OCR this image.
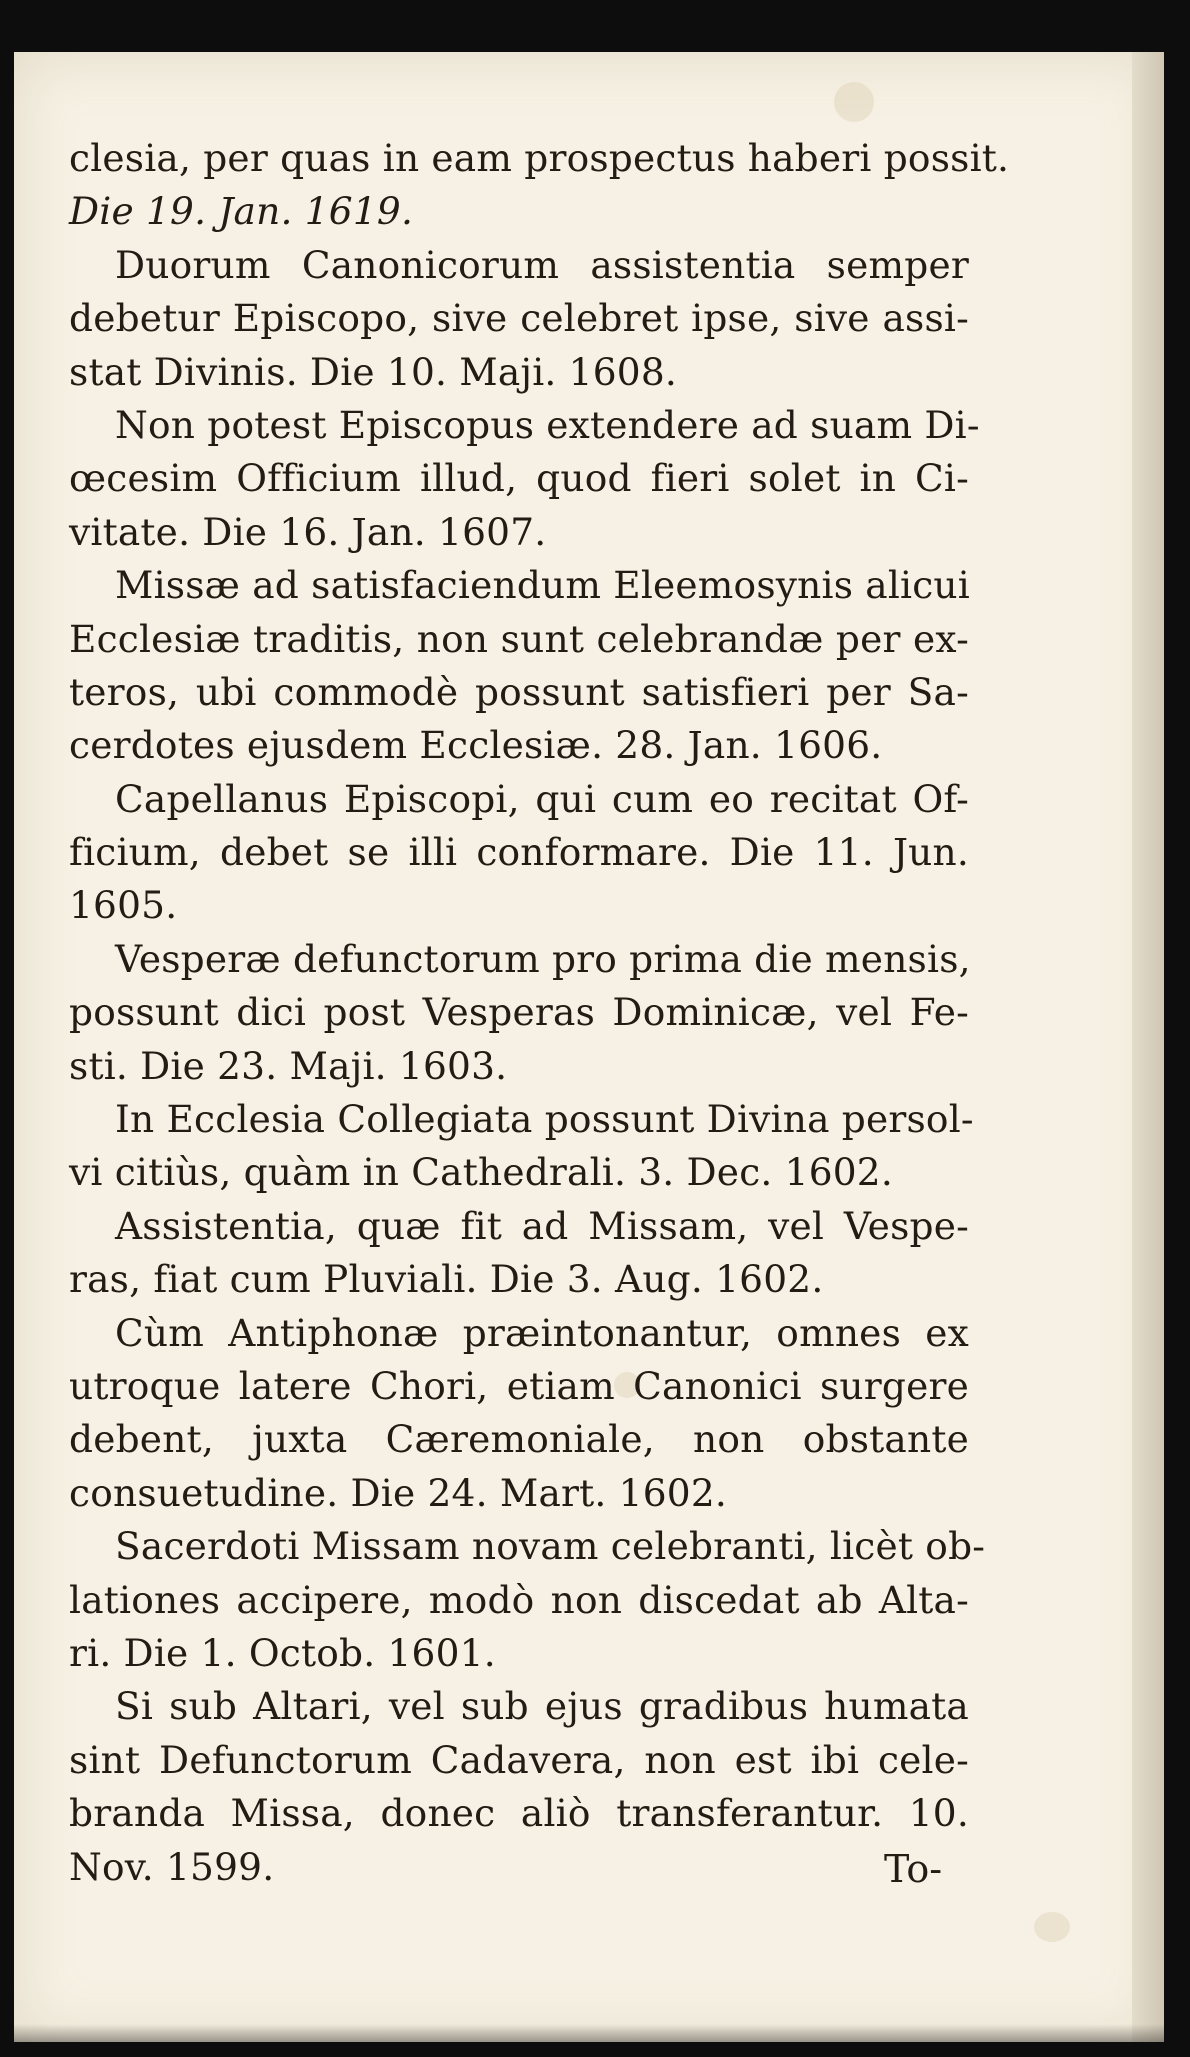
clesia, per quas in eam prospectus haberi possit.
Die 19. Jan. 1619.
Duorum Canonicorum assistentia semper
debetur Episcopo, sive celebret ipse, sive assi-
stat Divinis. Die 10. Maji. 1608.
Non potest Episcopus extendere ad suam Di-
œcesim Officium illud, quod fieri solet in Ci-
vitate. Die 16. Jan. 1607.
Missæ ad satisfaciendum Eleemosynis alicui
Ecclesiæ traditis, non sunt celebrandæ per ex-
teros, ubi commodè possunt satisfieri per Sa-
cerdotes ejusdem Ecclesiæ. 28. Jan. 1606.
Capellanus Episcopi, qui cum eo recitat Of-
ficium, debet se illi conformare. Die 11. Jun.
1605.
Vesperæ defunctorum pro prima die mensis,
possunt dici post Vesperas Dominicæ, vel Fe-
sti. Die 23. Maji. 1603.
In Ecclesia Collegiata possunt Divina persol-
vi citiùs, quàm in Cathedrali. 3. Dec. 1602.
Assistentia, quæ fit ad Missam, vel Vespe-
ras, fiat cum Pluviali. Die 3. Aug. 1602.
Cùm Antiphonæ præintonantur, omnes ex
utroque latere Chori, etiam Canonici surgere
debent, juxta Cæremoniale, non obstante
consuetudine. Die 24. Mart. 1602.
Sacerdoti Missam novam celebranti, licèt ob-
lationes accipere, modò non discedat ab Alta-
ri. Die 1. Octob. 1601.
Si sub Altari, vel sub ejus gradibus humata
sint Defunctorum Cadavera, non est ibi cele-
branda Missa, donec aliò transferantur. 10.
Nov. 1599.	To-
